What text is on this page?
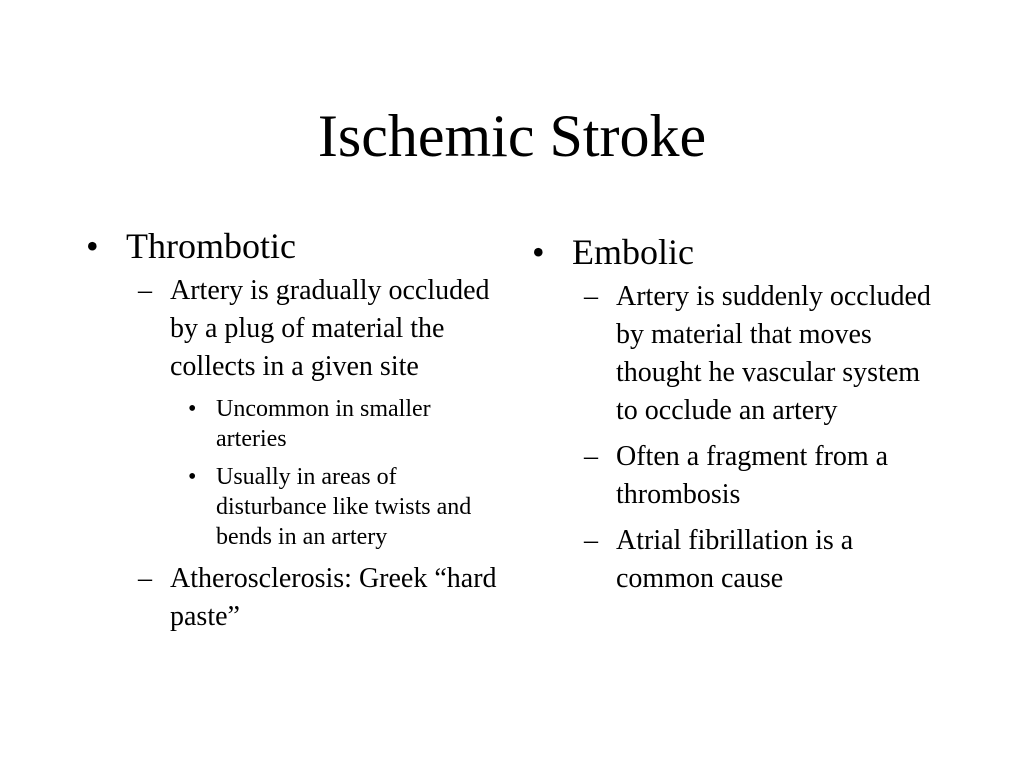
Ischemic Stroke
• Thrombotic
– Artery is gradually occluded by a plug of material the collects in a given site
• Uncommon in smaller arteries
• Usually in areas of disturbance like twists and bends in an artery
– Atherosclerosis: Greek “hard paste”
• Embolic
– Artery is suddenly occluded by material that moves thought he vascular system to occlude an artery
– Often a fragment from a thrombosis
– Atrial fibrillation is a common cause
